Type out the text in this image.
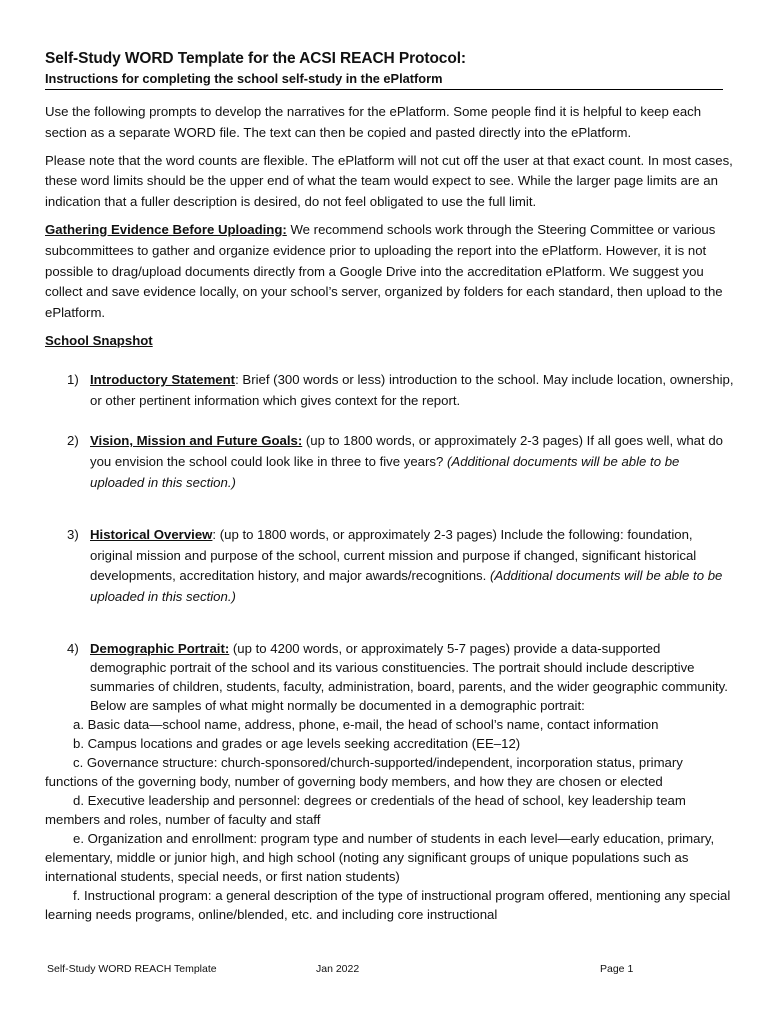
Self-Study WORD Template for the ACSI REACH Protocol:
Instructions for completing the school self-study in the ePlatform

Use the following prompts to develop the narratives for the ePlatform. Some people find it is helpful to keep each section as a separate WORD file. The text can then be copied and pasted directly into the ePlatform.

Please note that the word counts are flexible. The ePlatform will not cut off the user at that exact count. In most cases, these word limits should be the upper end of what the team would expect to see. While the larger page limits are an indication that a fuller description is desired, do not feel obligated to use the full limit.

Gathering Evidence Before Uploading: We recommend schools work through the Steering Committee or various subcommittees to gather and organize evidence prior to uploading the report into the ePlatform. However, it is not possible to drag/upload documents directly from a Google Drive into the accreditation ePlatform. We suggest you collect and save evidence locally, on your school’s server, organized by folders for each standard, then upload to the ePlatform.

School Snapshot

1) Introductory Statement: Brief (300 words or less) introduction to the school. May include location, ownership, or other pertinent information which gives context for the report.
2) Vision, Mission and Future Goals: (up to 1800 words, or approximately 2-3 pages) If all goes well, what do you envision the school could look like in three to five years? (Additional documents will be able to be uploaded in this section.)
3) Historical Overview: (up to 1800 words, or approximately 2-3 pages) Include the following: foundation, original mission and purpose of the school, current mission and purpose if changed, significant historical developments, accreditation history, and major awards/recognitions. (Additional documents will be able to be uploaded in this section.)
4) Demographic Portrait: (up to 4200 words, or approximately 5-7 pages) provide a data-supported demographic portrait of the school and its various constituencies. The portrait should include descriptive summaries of children, students, faculty, administration, board, parents, and the wider geographic community. Below are samples of what might normally be documented in a demographic portrait:
a. Basic data—school name, address, phone, e-mail, the head of school’s name, contact information
b. Campus locations and grades or age levels seeking accreditation (EE–12)
c. Governance structure: church-sponsored/church-supported/independent, incorporation status, primary functions of the governing body, number of governing body members, and how they are chosen or elected
d. Executive leadership and personnel: degrees or credentials of the head of school, key leadership team members and roles, number of faculty and staff
e. Organization and enrollment: program type and number of students in each level—early education, primary, elementary, middle or junior high, and high school (noting any significant groups of unique populations such as international students, special needs, or first nation students)
f. Instructional program: a general description of the type of instructional program offered, mentioning any special learning needs programs, online/blended, etc. and including core instructional
Self-Study WORD REACH Template	Jan 2022	Page 1
